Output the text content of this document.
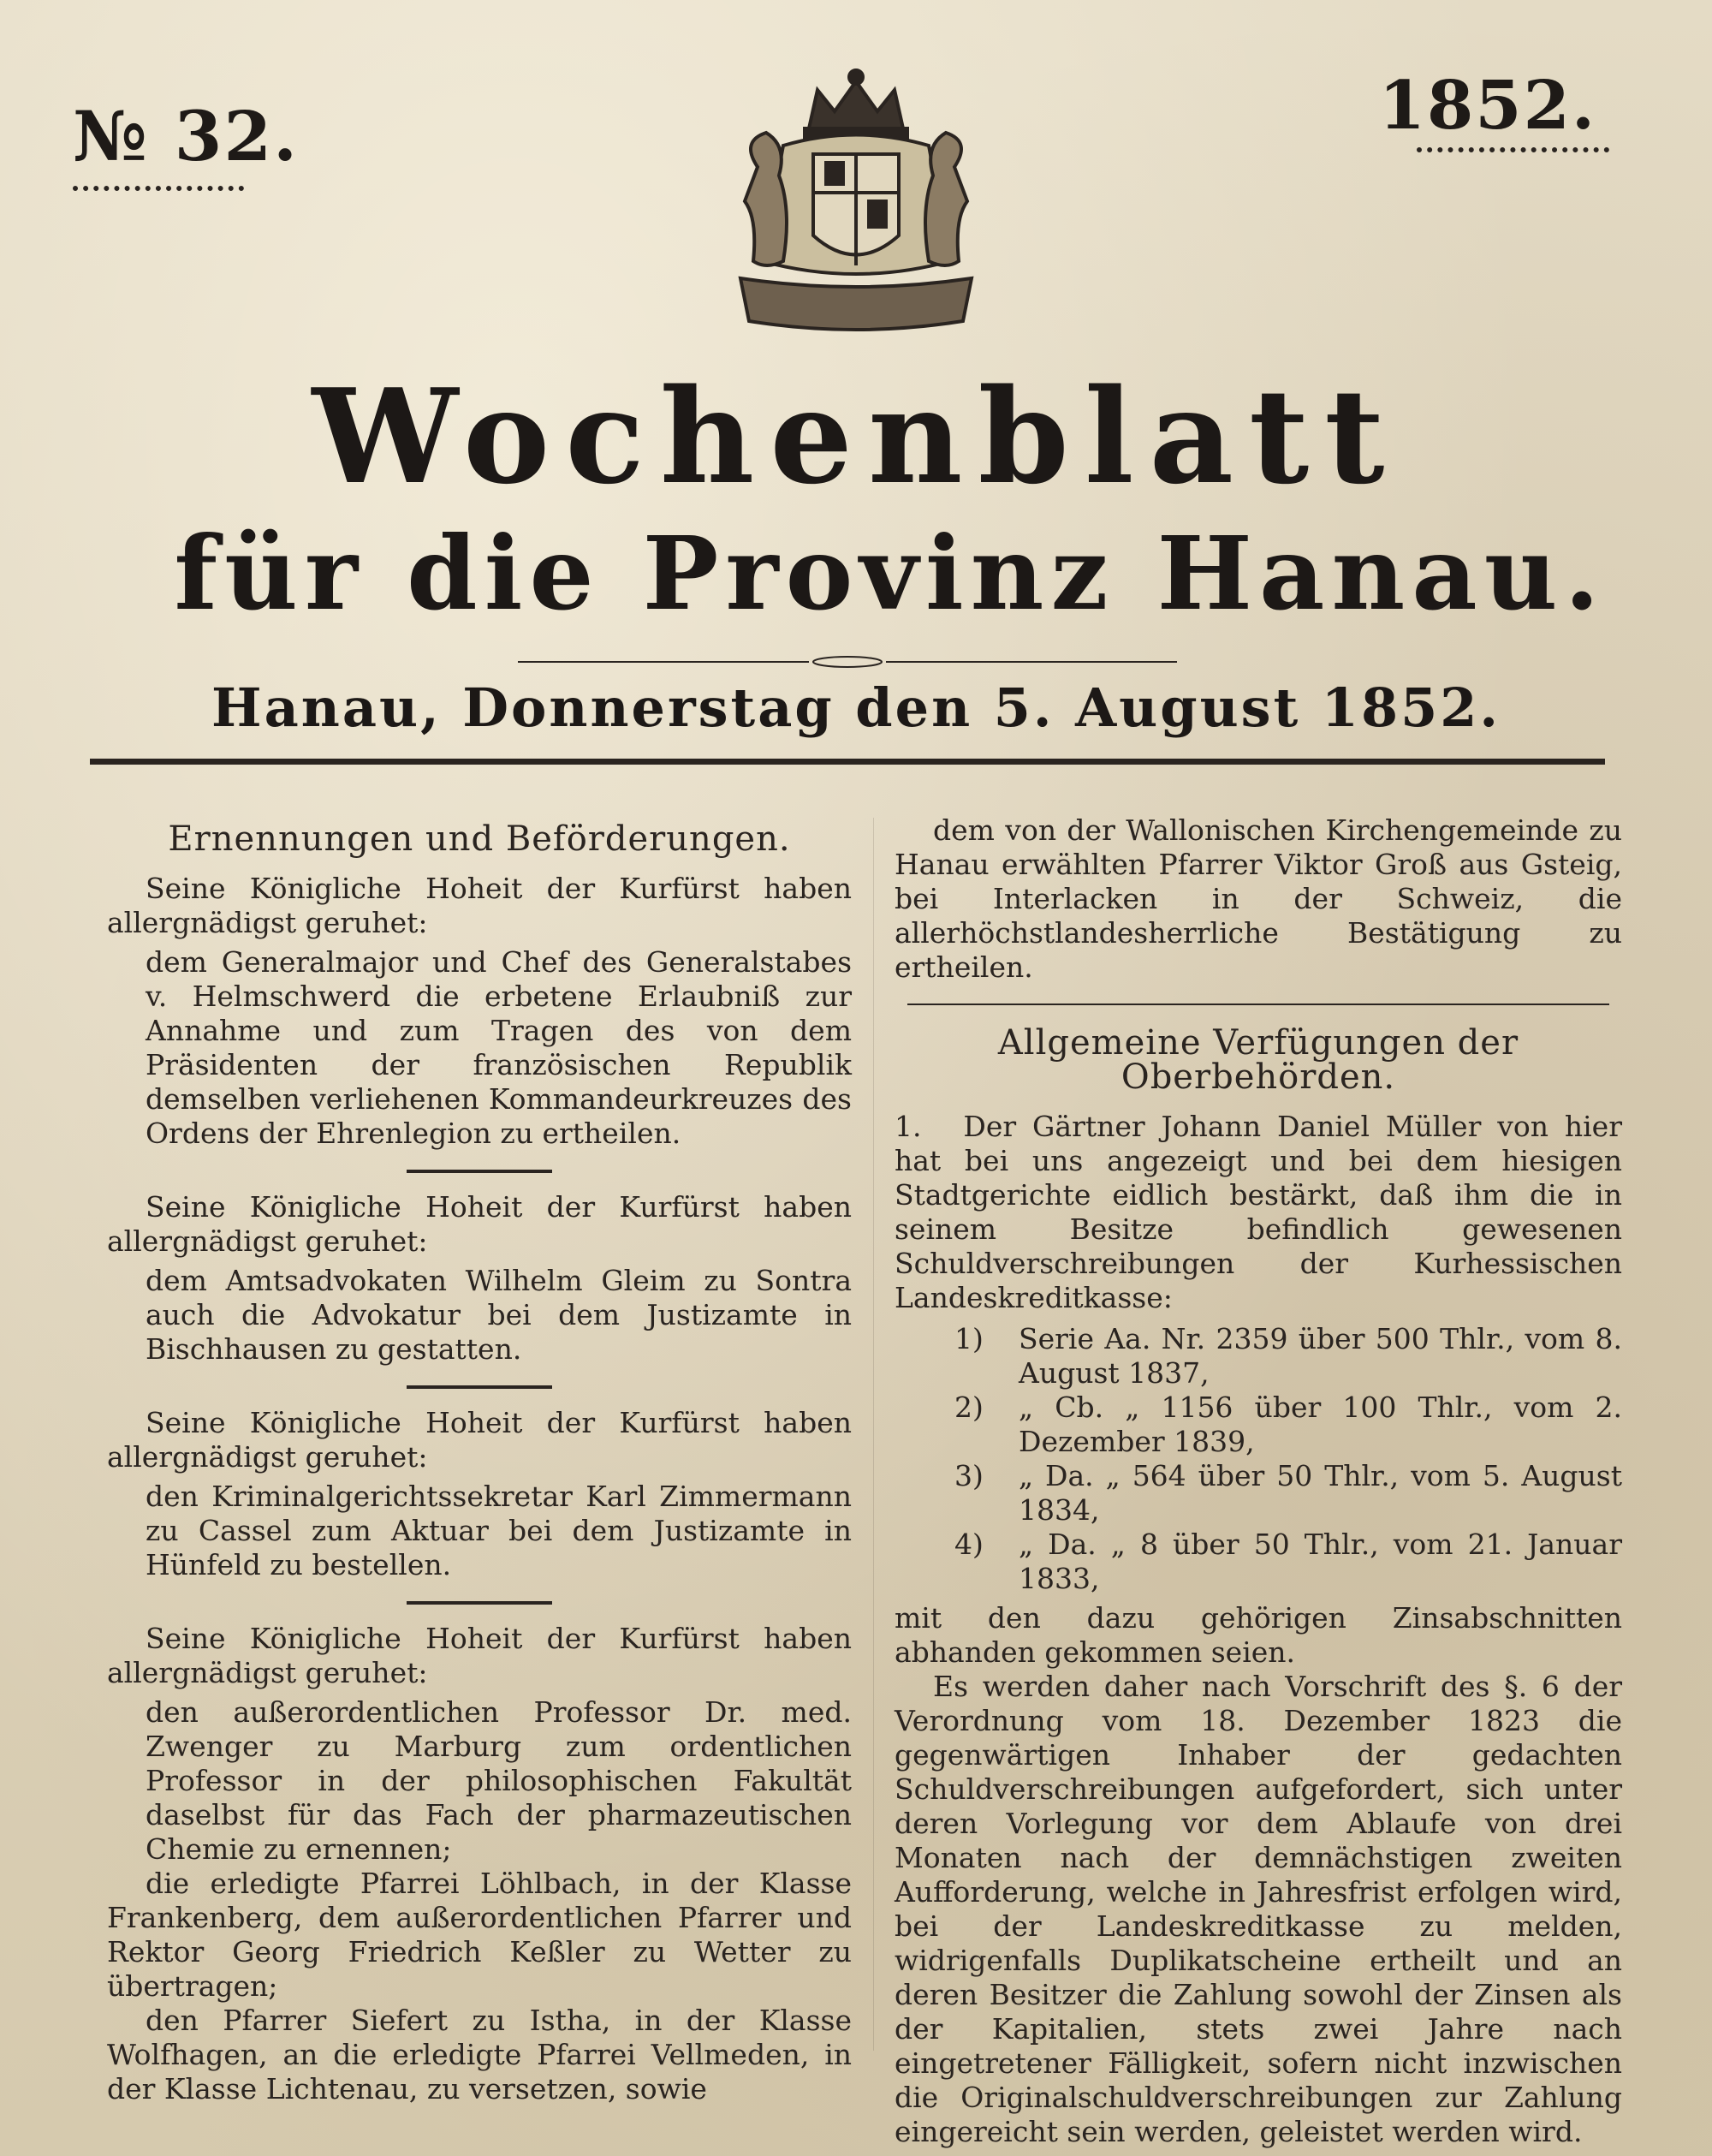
№ 32.	1852.
Wochenblatt
für die Provinz Hanau.
Hanau, Donnerstag den 5. August 1852.
Ernennungen und Beförderungen.

Seine Königliche Hoheit der Kurfürst haben allergnädigst geruhet:

dem Generalmajor und Chef des Generalstabes v. Helmschwerd die erbetene Erlaubniß zur Annahme und zum Tragen des von dem Präsidenten der französischen Republik demselben verliehenen Kommandeurkreuzes des Ordens der Ehrenlegion zu ertheilen.

Seine Königliche Hoheit der Kurfürst haben allergnädigst geruhet:

dem Amtsadvokaten Wilhelm Gleim zu Sontra auch die Advokatur bei dem Justizamte in Bischhausen zu gestatten.

Seine Königliche Hoheit der Kurfürst haben allergnädigst geruhet:

den Kriminalgerichtssekretar Karl Zimmermann zu Cassel zum Aktuar bei dem Justizamte in Hünfeld zu bestellen.

Seine Königliche Hoheit der Kurfürst haben allergnädigst geruhet:

den außerordentlichen Professor Dr. med. Zwenger zu Marburg zum ordentlichen Professor in der philosophischen Fakultät daselbst für das Fach der pharmazeutischen Chemie zu ernennen;

die erledigte Pfarrei Löhlbach, in der Klasse Frankenberg, dem außerordentlichen Pfarrer und Rektor Georg Friedrich Keßler zu Wetter zu übertragen;

den Pfarrer Siefert zu Istha, in der Klasse Wolfhagen, an die erledigte Pfarrei Vellmeden, in der Klasse Lichtenau, zu versetzen, sowie

dem von der Wallonischen Kirchengemeinde zu Hanau erwählten Pfarrer Viktor Groß aus Gsteig, bei Interlacken in der Schweiz, die allerhöchstlandesherrliche Bestätigung zu ertheilen.

Allgemeine Verfügungen der Oberbehörden.

1. Der Gärtner Johann Daniel Müller von hier hat bei uns angezeigt und bei dem hiesigen Stadtgerichte eidlich bestärkt, daß ihm die in seinem Besitze befindlich gewesenen Schuldverschreibungen der Kurhessischen Landeskreditkasse:

1)	Serie Aa. Nr. 2359 über 500 Thlr., vom 8. August 1837,
2)	„ Cb. „ 1156 über 100 Thlr., vom 2. Dezember 1839,
3)	„ Da. „ 564 über 50 Thlr., vom 5. August 1834,
4)	„ Da. „ 8 über 50 Thlr., vom 21. Januar 1833,

mit den dazu gehörigen Zinsabschnitten abhanden gekommen seien.

Es werden daher nach Vorschrift des §. 6 der Verordnung vom 18. Dezember 1823 die gegenwärtigen Inhaber der gedachten Schuldverschreibungen aufgefordert, sich unter deren Vorlegung vor dem Ablaufe von drei Monaten nach der demnächstigen zweiten Aufforderung, welche in Jahresfrist erfolgen wird, bei der Landeskreditkasse zu melden, widrigenfalls Duplikatscheine ertheilt und an deren Besitzer die Zahlung sowohl der Zinsen als der Kapitalien, stets zwei Jahre nach eingetretener Fälligkeit, sofern nicht inzwischen die Originalschuldverschreibungen zur Zahlung eingereicht sein werden, geleistet werden wird.
